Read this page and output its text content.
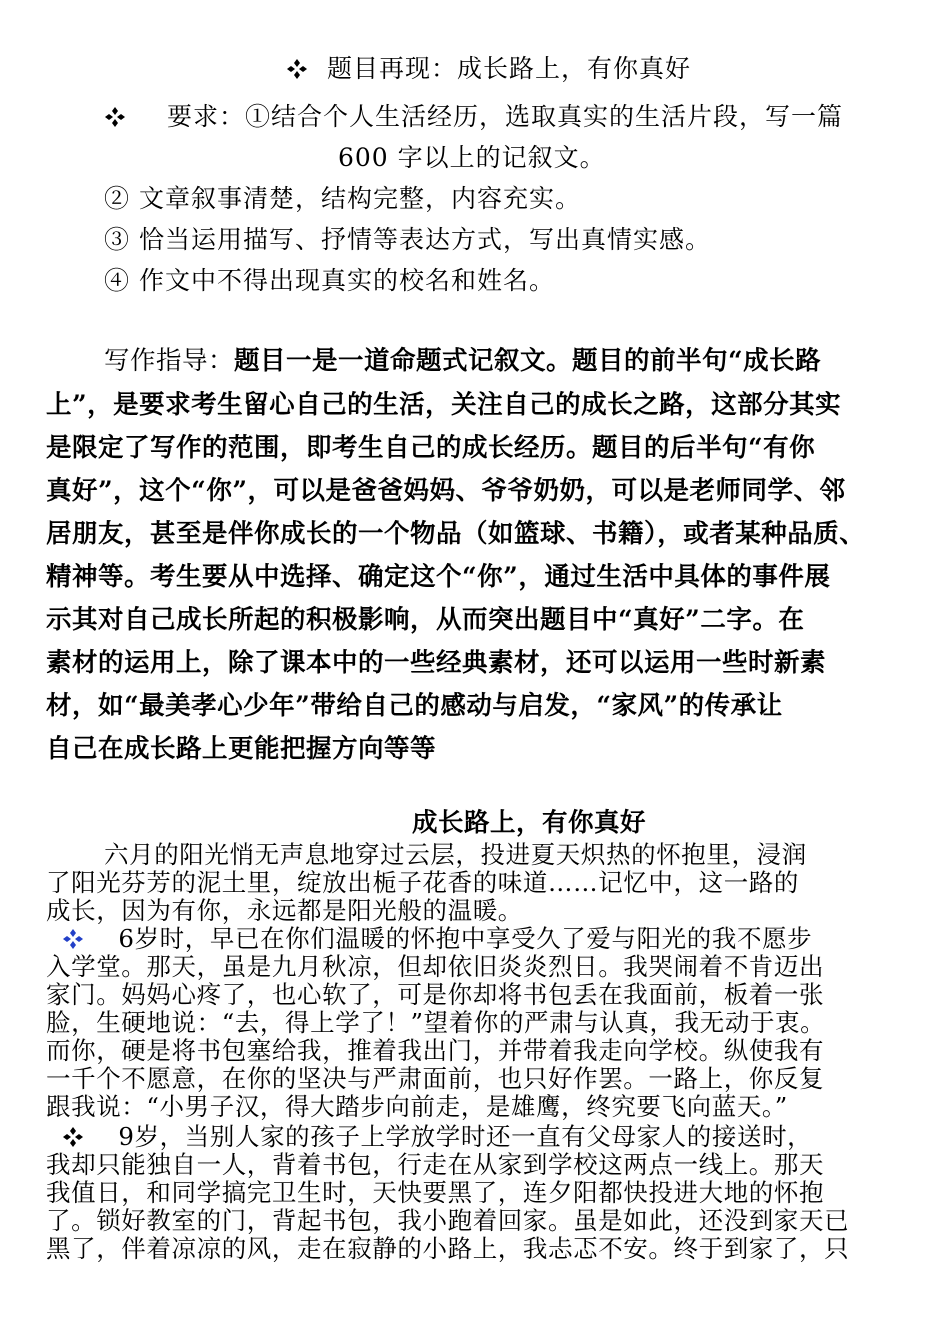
题目再现：成长路上，有你真好
要求：①结合个人生活经历，选取真实的生活片段，写一篇
600 字以上的记叙文。
② 文章叙事清楚，结构完整，内容充实。
③ 恰当运用描写、抒情等表达方式，写出真情实感。
④ 作文中不得出现真实的校名和姓名。
写作指导：题目一是一道命题式记叙文。题目的前半句“成长路
上”，是要求考生留心自己的生活，关注自己的成长之路，这部分其实
是限定了写作的范围，即考生自己的成长经历。题目的后半句“有你
真好”，这个“你”，可以是爸爸妈妈、爷爷奶奶，可以是老师同学、邻
居朋友，甚至是伴你成长的一个物品（如篮球、书籍），或者某种品质、
精神等。考生要从中选择、确定这个“你”，通过生活中具体的事件展
示其对自己成长所起的积极影响，从而突出题目中“真好”二字。在
素材的运用上，除了课本中的一些经典素材，还可以运用一些时新素
材，如“最美孝心少年”带给自己的感动与启发，“家风”的传承让
自己在成长路上更能把握方向等等
成长路上，有你真好
六月的阳光悄无声息地穿过云层，投进夏天炽热的怀抱里，浸润
了阳光芬芳的泥土里，绽放出栀子花香的味道……记忆中，这一路的
成长，因为有你，永远都是阳光般的温暖。
6岁时，早已在你们温暖的怀抱中享受久了爱与阳光的我不愿步
入学堂。那天，虽是九月秋凉，但却依旧炎炎烈日。我哭闹着不肯迈出
家门。妈妈心疼了，也心软了，可是你却将书包丢在我面前，板着一张
脸，生硬地说：“去，得上学了！”望着你的严肃与认真，我无动于衷。
而你，硬是将书包塞给我，推着我出门，并带着我走向学校。纵使我有
一千个不愿意，在你的坚决与严肃面前，也只好作罢。一路上，你反复
跟我说：“小男子汉，得大踏步向前走，是雄鹰，终究要飞向蓝天。”
9岁，当别人家的孩子上学放学时还一直有父母家人的接送时，
我却只能独自一人，背着书包，行走在从家到学校这两点一线上。那天
我值日，和同学搞完卫生时，天快要黑了，连夕阳都快投进大地的怀抱
了。锁好教室的门，背起书包，我小跑着回家。虽是如此，还没到家天已
黑了，伴着凉凉的风，走在寂静的小路上，我忐忑不安。终于到家了，只
